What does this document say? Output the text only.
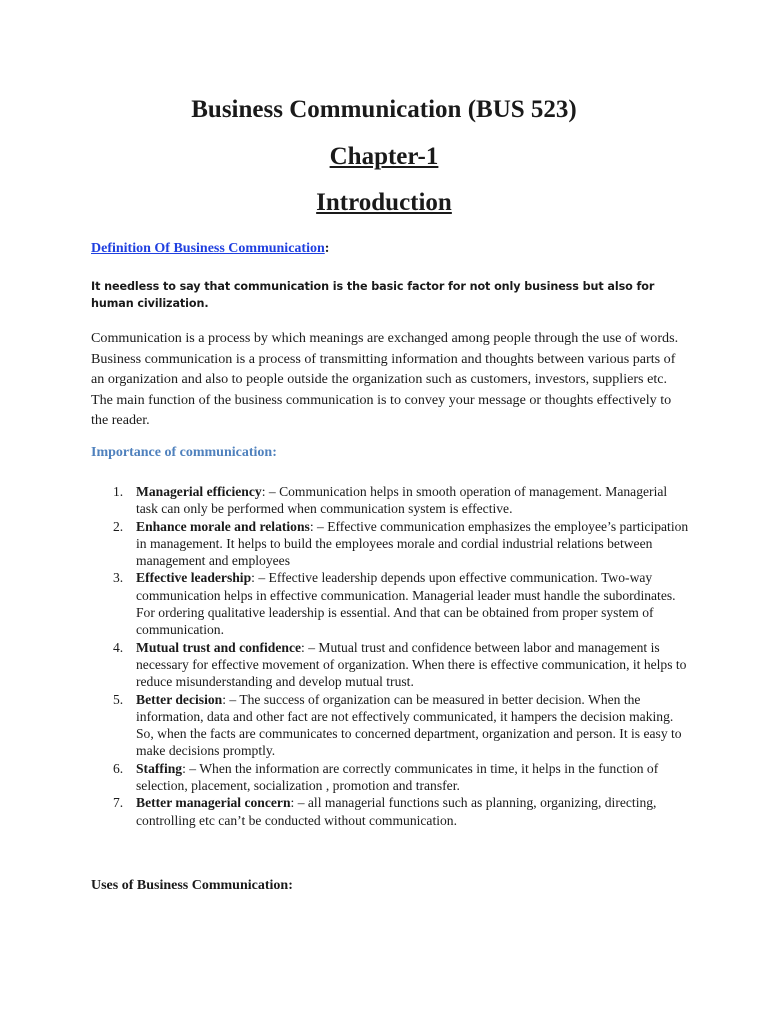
Business Communication (BUS 523)
Chapter-1
Introduction

Definition Of Business Communication:

It needless to say that communication is the basic factor for not only business but also for human civilization.

Communication is a process by which meanings are exchanged among people through the use of words. Business communication is a process of transmitting information and thoughts between various parts of an organization and also to people outside the organization such as customers, investors, suppliers etc. The main function of the business communication is to convey your message or thoughts effectively to the reader.

Importance of communication:

1. Managerial efficiency: – Communication helps in smooth operation of management. Managerial task can only be performed when communication system is effective.
2. Enhance morale and relations: – Effective communication emphasizes the employee’s participation in management. It helps to build the employees morale and cordial industrial relations between management and employees
3. Effective leadership: – Effective leadership depends upon effective communication. Two-way communication helps in effective communication. Managerial leader must handle the subordinates. For ordering qualitative leadership is essential. And that can be obtained from proper system of communication.
4. Mutual trust and confidence: – Mutual trust and confidence between labor and management is necessary for effective movement of organization. When there is effective communication, it helps to reduce misunderstanding and develop mutual trust.
5. Better decision: – The success of organization can be measured in better decision. When the information, data and other fact are not effectively communicated, it hampers the decision making. So, when the facts are communicates to concerned department, organization and person. It is easy to make decisions promptly.
6. Staffing: – When the information are correctly communicates in time, it helps in the function of selection, placement, socialization , promotion and transfer.
7. Better managerial concern: – all managerial functions such as planning, organizing, directing, controlling etc can’t be conducted without communication.

Uses of Business Communication:
